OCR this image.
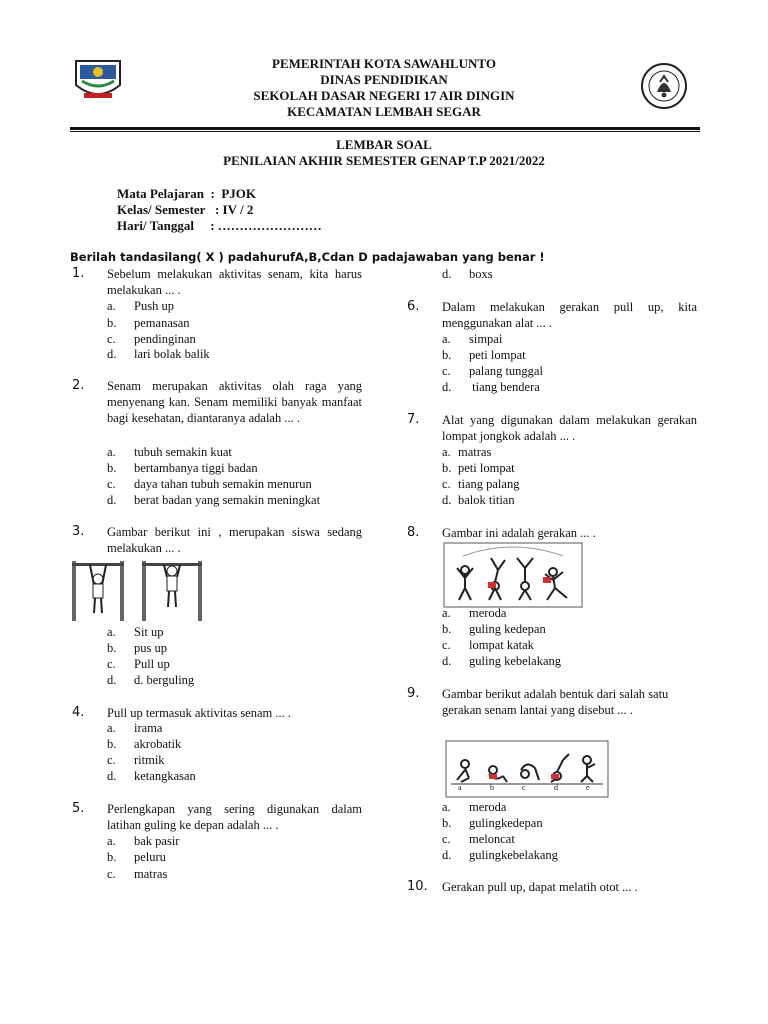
PEMERINTAH KOTA SAWAHLUNTO
DINAS PENDIDIKAN
SEKOLAH DASAR NEGERI 17 AIR DINGIN
KECAMATAN LEMBAH SEGAR
LEMBAR SOAL
PENILAIAN AKHIR SEMESTER GENAP T.P 2021/2022
Mata Pelajaran  :  PJOK
Kelas/ Semester   : IV / 2
Hari/ Tanggal     : ……………………
Berilah tandasilang( X ) padahurufA,B,Cdan D padajawaban yang benar !
1. Sebelum melakukan aktivitas senam, kita harus melakukan ... .
a. Push up
b. pemanasan
c. pendinginan
d. lari bolak balik
2. Senam merupakan aktivitas olah raga yang menyenang kan. Senam memiliki banyak manfaat bagi kesehatan, diantaranya adalah ... .
a. tubuh semakin kuat
b. bertambanya tiggi badan
c. daya tahan tubuh semakin menurun
d. berat badan yang semakin meningkat
3. Gambar berikut ini , merupakan siswa sedang melakukan ... .
a. Sit up
b. pus up
c. Pull up
d. d. berguling
4. Pull up termasuk aktivitas senam ... .
a. irama
b. akrobatik
c. ritmik
d. ketangkasan
5. Perlengkapan yang sering digunakan dalam latihan guling ke depan adalah ... .
a. bak pasir
b. peluru
c. matras
d. boxs
6. Dalam melakukan gerakan pull up, kita menggunakan alat ... .
a. simpai
b. peti lompat
c. palang tunggal
d. tiang bendera
7. Alat yang digunakan dalam melakukan gerakan lompat jongkok adalah ... .
a. matras
b. peti lompat
c. tiang palang
d. balok titian
8. Gambar ini adalah gerakan ... .
a. meroda
b. guling kedepan
c. lompat katak
d. guling kebelakang
9. Gambar berikut adalah bentuk dari salah satu gerakan senam lantai yang disebut ... .
a	b	c	d	e
a. meroda
b. gulingkedepan
c. meloncat
d. gulingkebelakang
10. Gerakan pull up, dapat melatih otot ... .
